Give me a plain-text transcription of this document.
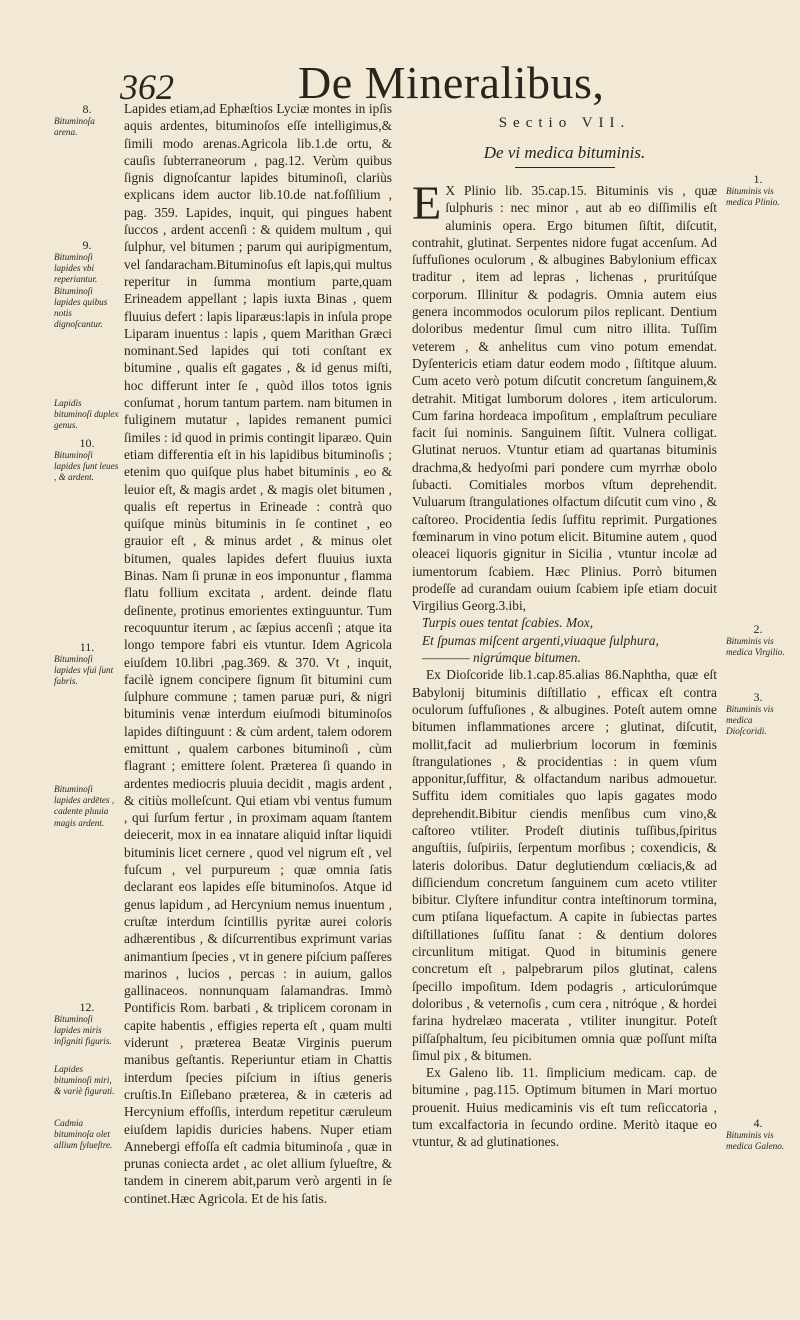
362	De Mineralibus,
8.
Bituminoſa arena.
9.
Bituminoſi lapides vbi reperiantur. Bituminoſi lapides quibus notis dignoſcantur.
Lapidis bituminoſi duplex genus.
10.
Bituminoſi lapides ſunt leues , & ardent.
11.
Bituminoſi lapides vſui ſunt fabris.
Bituminoſi lapides ardētes , cadente pluuia magis ardent.
12.
Bituminoſi lapides miris inſigniti figuris.
Lapides bituminoſi miri, & variè figurati.
Cadmia bituminoſa olet allium ſylueſtre.

Lapides etiam,ad Ephæſtios Lyciæ montes in ipſis aquis ardentes, bituminoſos eſſe intelligimus,& ſimili modo arenas.Agricola lib.1.de ortu, & cauſis ſubterraneorum , pag.12. Verùm quibus ſignis dignoſcantur lapides bituminoſi, clariùs explicans idem auctor lib.10.de nat.foſſilium , pag. 359. Lapides, inquit, qui pingues habent ſuccos , ardent accenſi : & quidem multum , qui ſulphur, vel bitumen ; parum qui auripigmentum, vel ſandaracham.Bituminoſus eſt lapis,qui multus reperitur in ſumma montium parte,quam Erineadem appellant ; lapis iuxta Binas , quem fluuius defert : lapis liparæus:lapis in inſula prope Liparam inuentus : lapis , quem Marithan Græci nominant.Sed lapides qui toti conſtant ex bitumine , qualis eſt gagates , & id genus miſti, hoc differunt inter ſe , quòd illos totos ignis conſumat , horum tantum partem. nam bitumen in fuliginem mutatur , lapides remanent pumici ſimiles : id quod in primis contingit liparæo. Quin etiam differentia eſt in his lapidibus bituminoſis ; etenim quo quiſque plus habet bituminis , eo & leuior eſt, & magis ardet , & magis olet bitumen , qualis eſt repertus in Erineade : contrà quo quiſque minùs bituminis in ſe continet , eo grauior eſt , & minus ardet , & minus olet bitumen, quales lapides defert fluuius iuxta Binas. Nam ſi prunæ in eos imponuntur , flamma flatu follium excitata , ardent. deinde flatu deſinente, protinus emorientes extinguuntur. Tum recoquuntur iterum , ac ſæpius accenſi ; atque ita longo tempore fabri eis vtuntur. Idem Agricola eiuſdem 10.libri ,pag.369. & 370. Vt , inquit, facilè ignem concipere ſignum ſit bitumini cum ſulphure commune ; tamen paruæ puri, & nigri bituminis venæ interdum eiuſmodi bituminoſos lapides diſtinguunt : & cùm ardent, talem odorem emittunt , qualem carbones bituminoſi , cùm flagrant ; emittere ſolent. Præterea ſi quando in ardentes mediocris pluuia decidit , magis ardent , & citiùs molleſcunt. Qui etiam vbi ventus fumum , qui ſurſum fertur , in proximam aquam ſtantem deiecerit, mox in ea innatare aliquid inſtar liquidi bituminis licet cernere , quod vel nigrum eſt , vel fuſcum , vel purpureum ; quæ omnia ſatis declarant eos lapides eſſe bituminoſos. Atque id genus lapidum , ad Hercynium nemus inuentum , cruſtæ interdum ſcintillis pyritæ aurei coloris adhærentibus , & diſcurrentibus exprimunt varias animantium ſpecies , vt in genere piſcium paſſeres marinos , lucios , percas : in auium, gallos gallinaceos. nonnunquam ſalamandras. Immò Pontificis Rom. barbati , & triplicem coronam in capite habentis , effigies reperta eſt , quam multi viderunt , præterea Beatæ Virginis puerum manibus geſtantis. Reperiuntur etiam in Chattis interdum ſpecies piſcium in iſtius generis cruſtis.In Eiſlebano præterea, & in cæteris ad Hercynium effoſſis, interdum repetitur cæruleum eiuſdem lapidis duricies habens. Nuper etiam Annebergi effoſſa eſt cadmia bituminoſa , quæ in prunas coniecta ardet , ac olet allium ſylueſtre, & tandem in cinerem abit,parum verò argenti in ſe continet.Hæc Agricola. Et de his ſatis.

Sectio VII.

De vi medica bituminis.

E X Plinio lib. 35.cap.15. Bituminis vis , quæ ſulphuris : nec minor , aut ab eo diſſimilis eſt aluminis opera. Ergo bitumen ſiſtit, diſcutit, contrahit, glutinat. Serpentes nidore fugat accenſum. Ad ſuffuſiones oculorum , & albugines Babylonium efficax traditur , item ad lepras , lichenas , pruritúſque corporum. Illinitur & podagris. Omnia autem eius genera incommodos oculorum pilos replicant. Dentium doloribus medentur ſimul cum nitro illita. Tuſſim veterem , & anhelitus cum vino potum emendat. Dyſentericis etiam datur eodem modo , ſiſtitque aluum. Cum aceto verò potum diſcutit concretum ſanguinem,& detrahit. Mitigat lumborum dolores , item articulorum. Cum farina hordeaca impoſitum , emplaſtrum peculiare facit ſui nominis. Sanguinem ſiſtit. Vulnera colligat. Glutinat neruos. Vtuntur etiam ad quartanas bituminis drachma,& hedyoſmi pari pondere cum myrrhæ obolo ſubacti. Comitiales morbos vſtum deprehendit. Vuluarum ſtrangulationes olfactum diſcutit cum vino , & caſtoreo. Procidentia ſedis ſuffitu reprimit. Purgationes fœminarum in vino potum elicit. Bitumine autem , quod oleacei liquoris gignitur in Sicilia , vtuntur incolæ ad iumentorum ſcabiem. Hæc Plinius. Porrò bitumen prodeſſe ad curandam ouium ſcabiem ipſe etiam docuit Virgilius Georg.3.ibi,

Turpis oues tentat ſcabies. Mox,

Et ſpumas miſcent argenti,viuaque ſulphura,

———— nigrúmque bitumen.

Ex Dioſcoride lib.1.cap.85.alias 86.Naphtha, quæ eſt Babylonij bituminis diſtillatio , efficax eſt contra oculorum ſuffuſiones , & albugines. Poteſt autem omne bitumen inflammationes arcere ; glutinat, diſcutit, mollit,facit ad mulierbrium locorum in fœminis ſtrangulationes , & procidentias : in quem vſum apponitur,ſuffitur, & olfactandum naribus admouetur. Suffitu idem comitiales quo lapis gagates modo deprehendit.Bibitur ciendis menſibus cum vino,& caſtoreo vtiliter. Prodeſt diutinis tuſſibus,ſpiritus anguſtiis, ſuſpiriis, ſerpentum morſibus ; coxendicis, & lateris doloribus. Datur deglutiendum cœliacis,& ad diſſiciendum concretum ſanguinem cum aceto vtiliter bibitur. Clyſtere infunditur contra inteſtinorum tormina, cum ptiſana liquefactum. A capite in ſubiectas partes diſtillationes ſuſſitu ſanat : & dentium dolores circunlitum mitigat. Quod in bituminis genere concretum eſt , palpebrarum pilos glutinat, calens ſpecillo impoſitum. Idem podagris , articulorúmque doloribus , & veternoſis , cum cera , nitróque , & hordei farina hydrelæo macerata , vtiliter inungitur. Poteſt piſſaſphaltum, ſeu picibitumen omnia quæ poſſunt miſta ſimul pix , & bitumen.

Ex Galeno lib. 11. ſimplicium medicam. cap. de bitumine , pag.115. Optimum bitumen in Mari mortuo prouenit. Huius medicaminis vis eſt tum reſiccatoria , tum excalfactoria in ſecundo ordine. Meritò itaque eo vtuntur, & ad glutinationes.

1.
Bituminis vis medica Plinio.
2.
Bituminis vis medica Virgilio.
3.
Bituminis vis medica Dioſcoridi.
4.
Bituminis vis medica Galeno.
